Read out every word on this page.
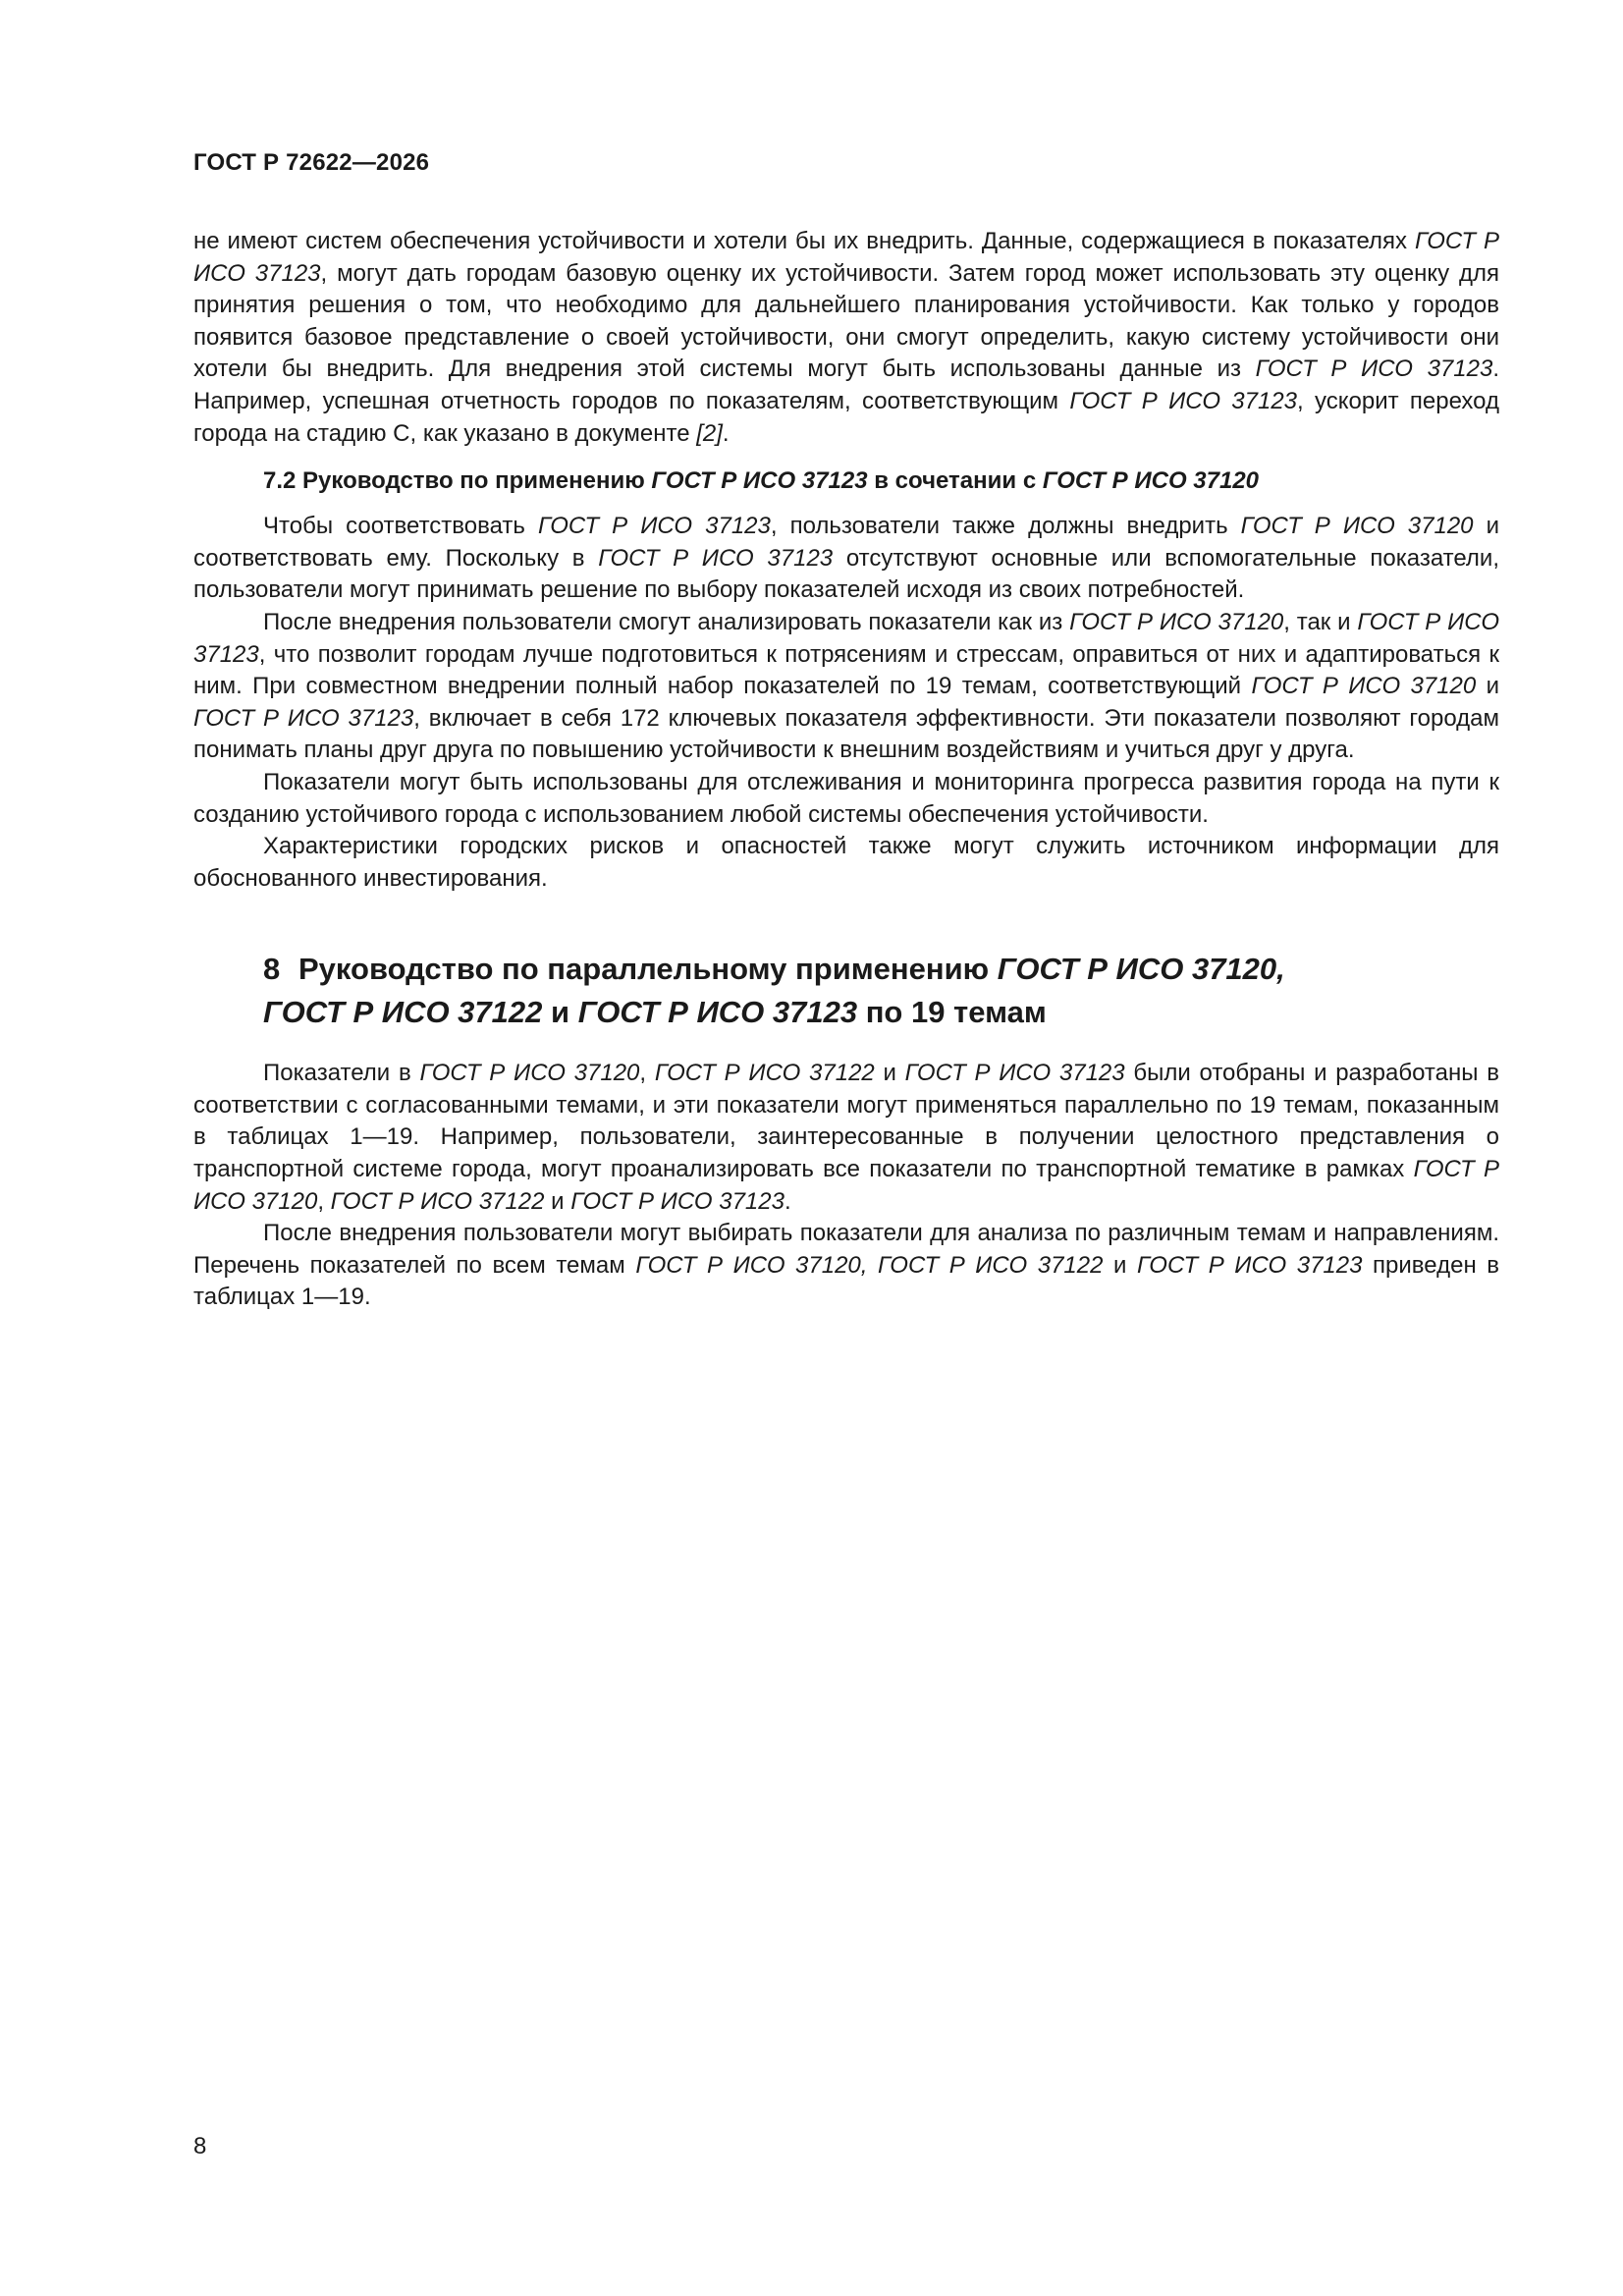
ГОСТ Р 72622—2026

не имеют систем обеспечения устойчивости и хотели бы их внедрить. Данные, содержащиеся в показателях ГОСТ Р ИСО 37123, могут дать городам базовую оценку их устойчивости. Затем город может использовать эту оценку для принятия решения о том, что необходимо для дальнейшего планирования устойчивости. Как только у городов появится базовое представление о своей устойчивости, они смогут определить, какую систему устойчивости они хотели бы внедрить. Для внедрения этой системы могут быть использованы данные из ГОСТ Р ИСО 37123. Например, успешная отчетность городов по показателям, соответствующим ГОСТ Р ИСО 37123, ускорит переход города на стадию C, как указано в документе [2].

7.2 Руководство по применению ГОСТ Р ИСО 37123 в сочетании с ГОСТ Р ИСО 37120

Чтобы соответствовать ГОСТ Р ИСО 37123, пользователи также должны внедрить ГОСТ Р ИСО 37120 и соответствовать ему. Поскольку в ГОСТ Р ИСО 37123 отсутствуют основные или вспомогательные показатели, пользователи могут принимать решение по выбору показателей исходя из своих потребностей.

После внедрения пользователи смогут анализировать показатели как из ГОСТ Р ИСО 37120, так и ГОСТ Р ИСО 37123, что позволит городам лучше подготовиться к потрясениям и стрессам, оправиться от них и адаптироваться к ним. При совместном внедрении полный набор показателей по 19 темам, соответствующий ГОСТ Р ИСО 37120 и ГОСТ Р ИСО 37123, включает в себя 172 ключевых показателя эффективности. Эти показатели позволяют городам понимать планы друг друга по повышению устойчивости к внешним воздействиям и учиться друг у друга.

Показатели могут быть использованы для отслеживания и мониторинга прогресса развития города на пути к созданию устойчивого города с использованием любой системы обеспечения устойчивости.

Характеристики городских рисков и опасностей также могут служить источником информации для обоснованного инвестирования.

8 Руководство по параллельному применению ГОСТ Р ИСО 37120,
ГОСТ Р ИСО 37122 и ГОСТ Р ИСО 37123 по 19 темам

Показатели в ГОСТ Р ИСО 37120, ГОСТ Р ИСО 37122 и ГОСТ Р ИСО 37123 были отобраны и разработаны в соответствии с согласованными темами, и эти показатели могут применяться параллельно по 19 темам, показанным в таблицах 1—19. Например, пользователи, заинтересованные в получении целостного представления о транспортной системе города, могут проанализировать все показатели по транспортной тематике в рамках ГОСТ Р ИСО 37120, ГОСТ Р ИСО 37122 и ГОСТ Р ИСО 37123.

После внедрения пользователи могут выбирать показатели для анализа по различным темам и направлениям. Перечень показателей по всем темам ГОСТ Р ИСО 37120, ГОСТ Р ИСО 37122 и ГОСТ Р ИСО 37123 приведен в таблицах 1—19.

8
